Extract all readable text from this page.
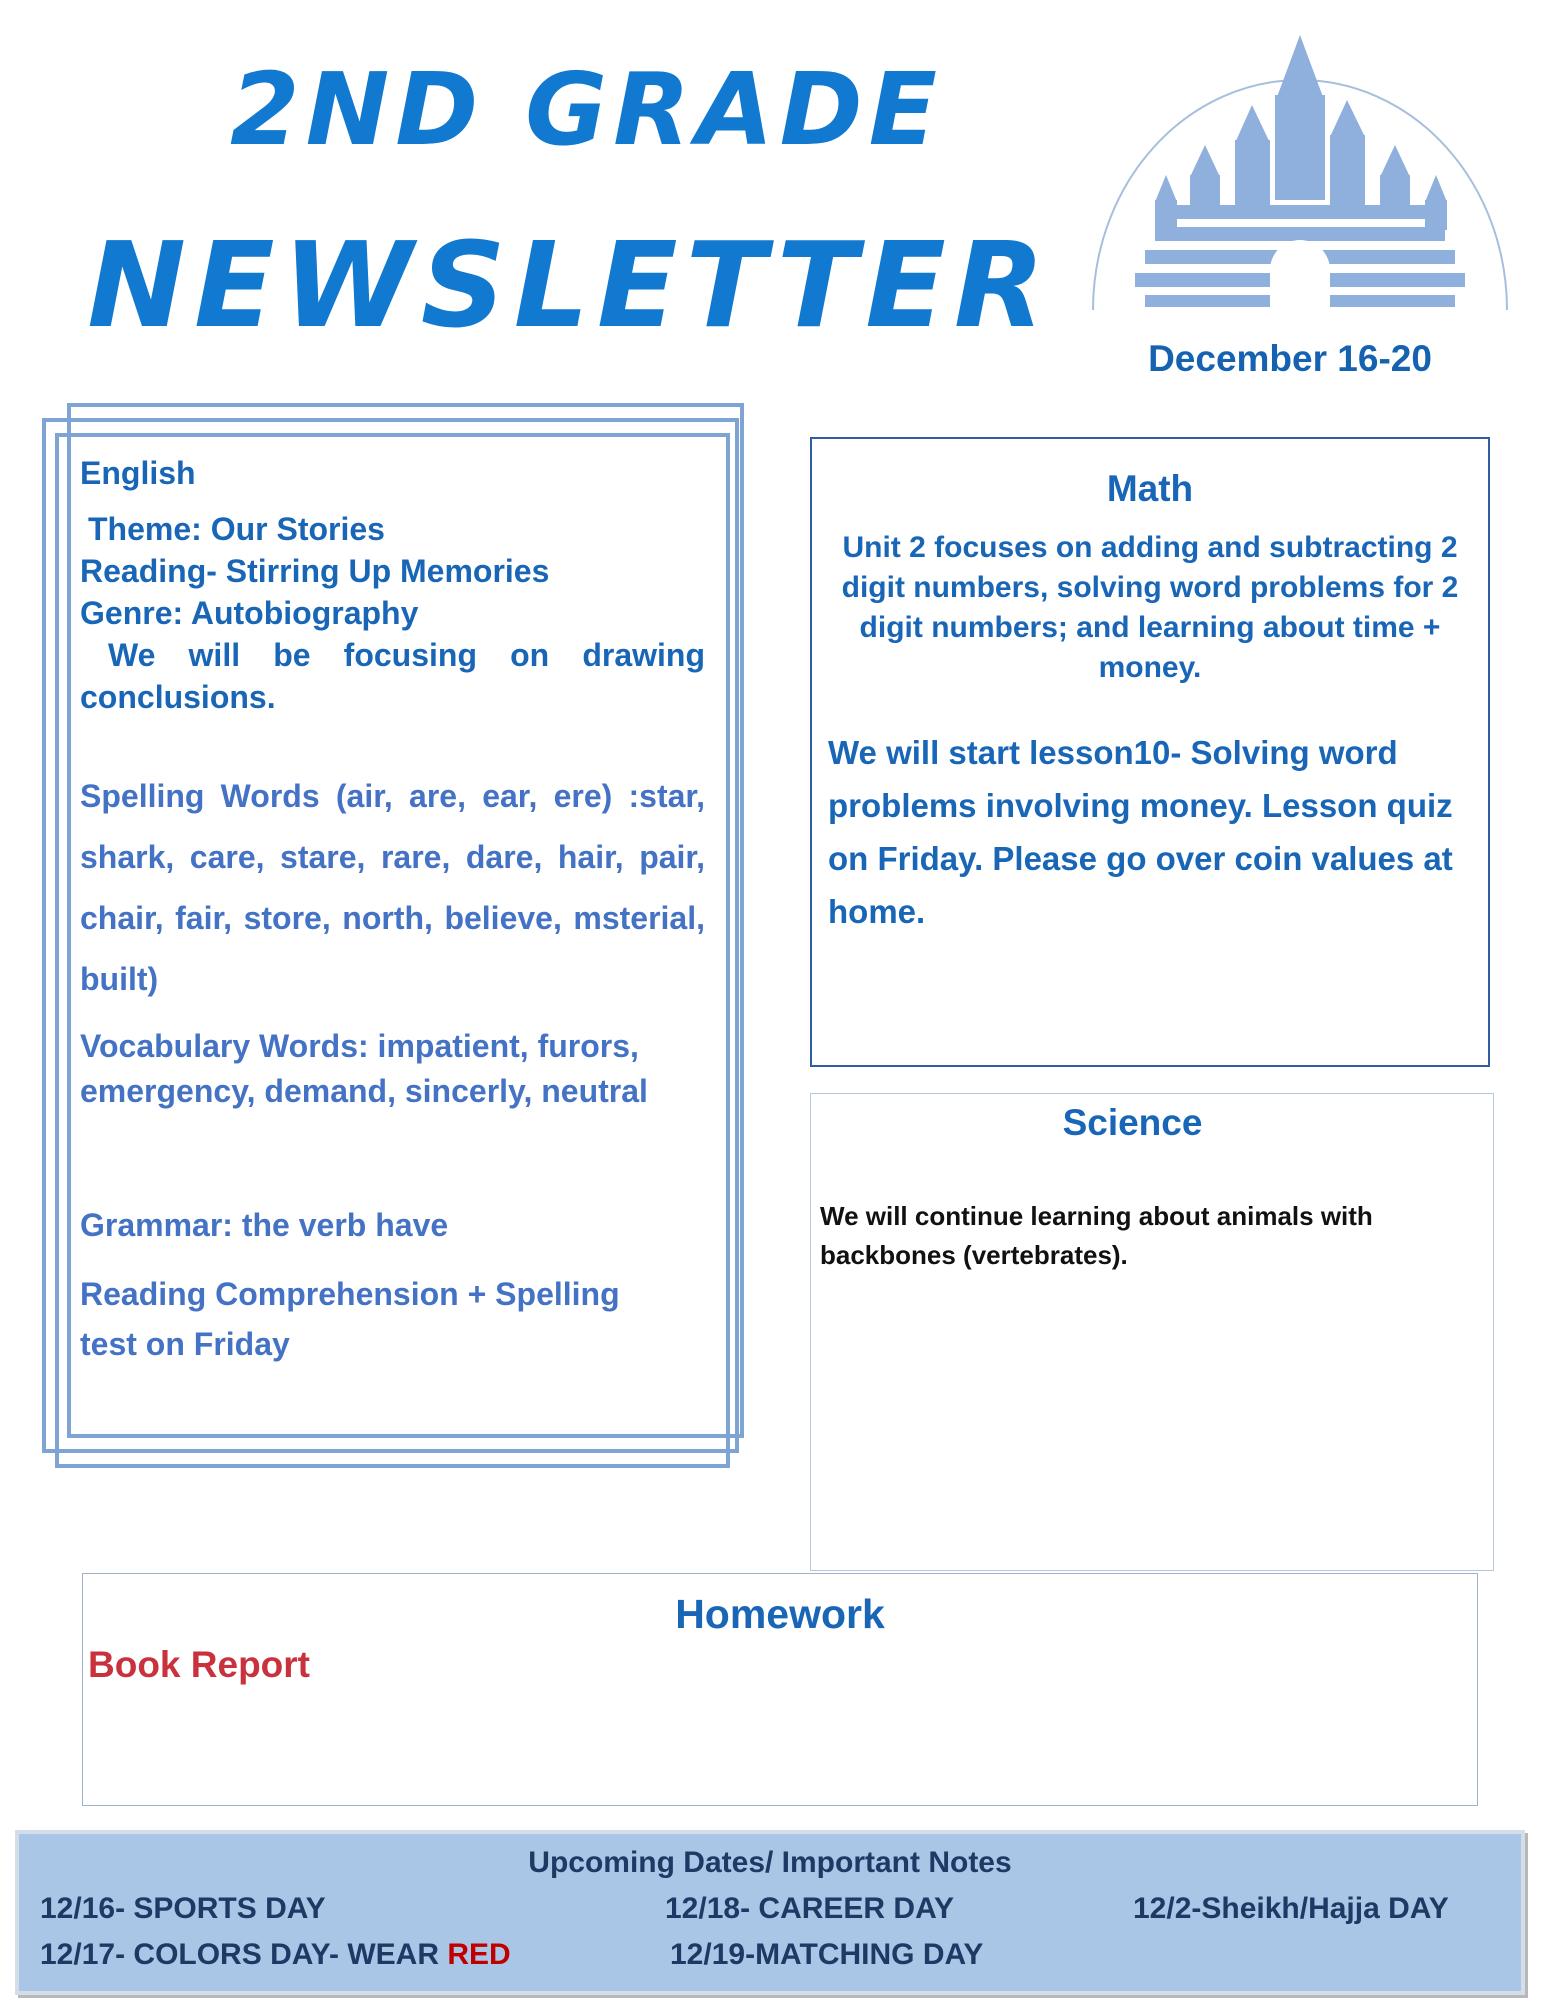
2ND GRADE
NEWSLETTER
December 16-20
English
Theme: Our Stories
Reading- Stirring Up Memories
Genre: Autobiography
We will be focusing on drawing conclusions.
Spelling Words (air, are, ear, ere) :star, shark, care, stare, rare, dare, hair, pair, chair, fair, store, north, believe, msterial, built)
Vocabulary Words: impatient, furors, emergency, demand, sincerly, neutral
Grammar: the verb have
Reading Comprehension + Spelling test on Friday
Math
Unit 2 focuses on adding and subtracting 2 digit numbers, solving word problems for 2 digit numbers; and learning about time + money.
We will start lesson10- Solving word problems involving money. Lesson quiz on Friday. Please go over coin values at home.
Science
We will continue learning about animals with backbones (vertebrates).
Homework
Book Report
Upcoming Dates/ Important Notes
12/16- SPORTS DAY	12/18- CAREER DAY	12/2-Sheikh/Hajja DAY
12/17- COLORS DAY- WEAR RED	12/19-MATCHING DAY
